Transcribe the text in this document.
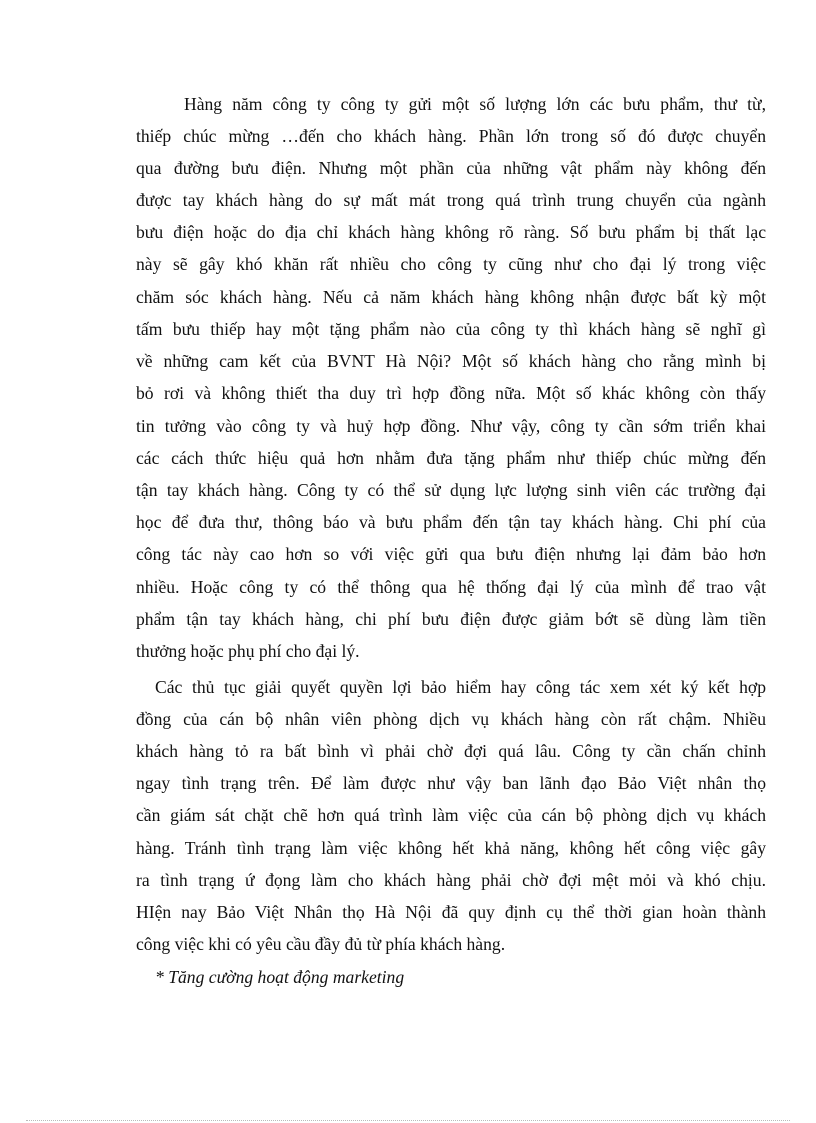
Hàng năm công ty công ty gửi một số lượng lớn các bưu phẩm, thư từ,
thiếp chúc mừng …đến cho khách hàng. Phần lớn trong số đó được chuyển
qua đường bưu điện. Nhưng một phần của những vật phẩm này không đến
được tay khách hàng do sự mất mát trong quá trình trung chuyển của ngành
bưu điện hoặc do địa chỉ khách hàng không rõ ràng. Số bưu phẩm bị thất lạc
này sẽ gây khó khăn rất nhiều cho công ty cũng như cho đại lý trong việc
chăm sóc khách hàng. Nếu cả năm khách hàng không nhận được bất kỳ một
tấm bưu thiếp hay một tặng phẩm nào của công ty thì khách hàng sẽ nghĩ gì
về những cam kết của BVNT Hà Nội? Một số khách hàng cho rằng mình bị
bỏ rơi và không thiết tha duy trì hợp đồng nữa. Một số khác không còn thấy
tin tưởng vào công ty và huỷ hợp đồng. Như vậy, công ty cần sớm triển khai
các cách thức hiệu quả hơn nhằm đưa tặng phẩm như thiếp chúc mừng đến
tận tay khách hàng. Công ty có thể sử dụng lực lượng sinh viên các trường đại
học để đưa thư, thông báo và bưu phẩm đến tận tay khách hàng. Chi phí của
công tác này cao hơn so với việc gửi qua bưu điện nhưng lại đảm bảo hơn
nhiều. Hoặc công ty có thể thông qua hệ thống đại lý của mình để trao vật
phẩm tận tay khách hàng, chi phí bưu điện được giảm bớt sẽ dùng làm tiền
thưởng hoặc phụ phí cho đại lý.
Các thủ tục giải quyết quyền lợi bảo hiểm hay công tác xem xét ký kết hợp
đồng của cán bộ nhân viên phòng dịch vụ khách hàng còn rất chậm. Nhiều
khách hàng tỏ ra bất bình vì phải chờ đợi quá lâu. Công ty cần chấn chỉnh
ngay tình trạng trên. Để làm được như vậy ban lãnh đạo Bảo Việt nhân thọ
cần giám sát chặt chẽ hơn quá trình làm việc của cán bộ phòng dịch vụ khách
hàng. Tránh tình trạng làm việc không hết khả năng, không hết công việc gây
ra tình trạng ứ đọng làm cho khách hàng phải chờ đợi mệt mỏi và khó chịu.
HIện nay Bảo Việt Nhân thọ Hà Nội đã quy định cụ thể thời gian hoàn thành
công việc khi có yêu cầu đầy đủ từ phía khách hàng.
* Tăng cường hoạt động marketing
